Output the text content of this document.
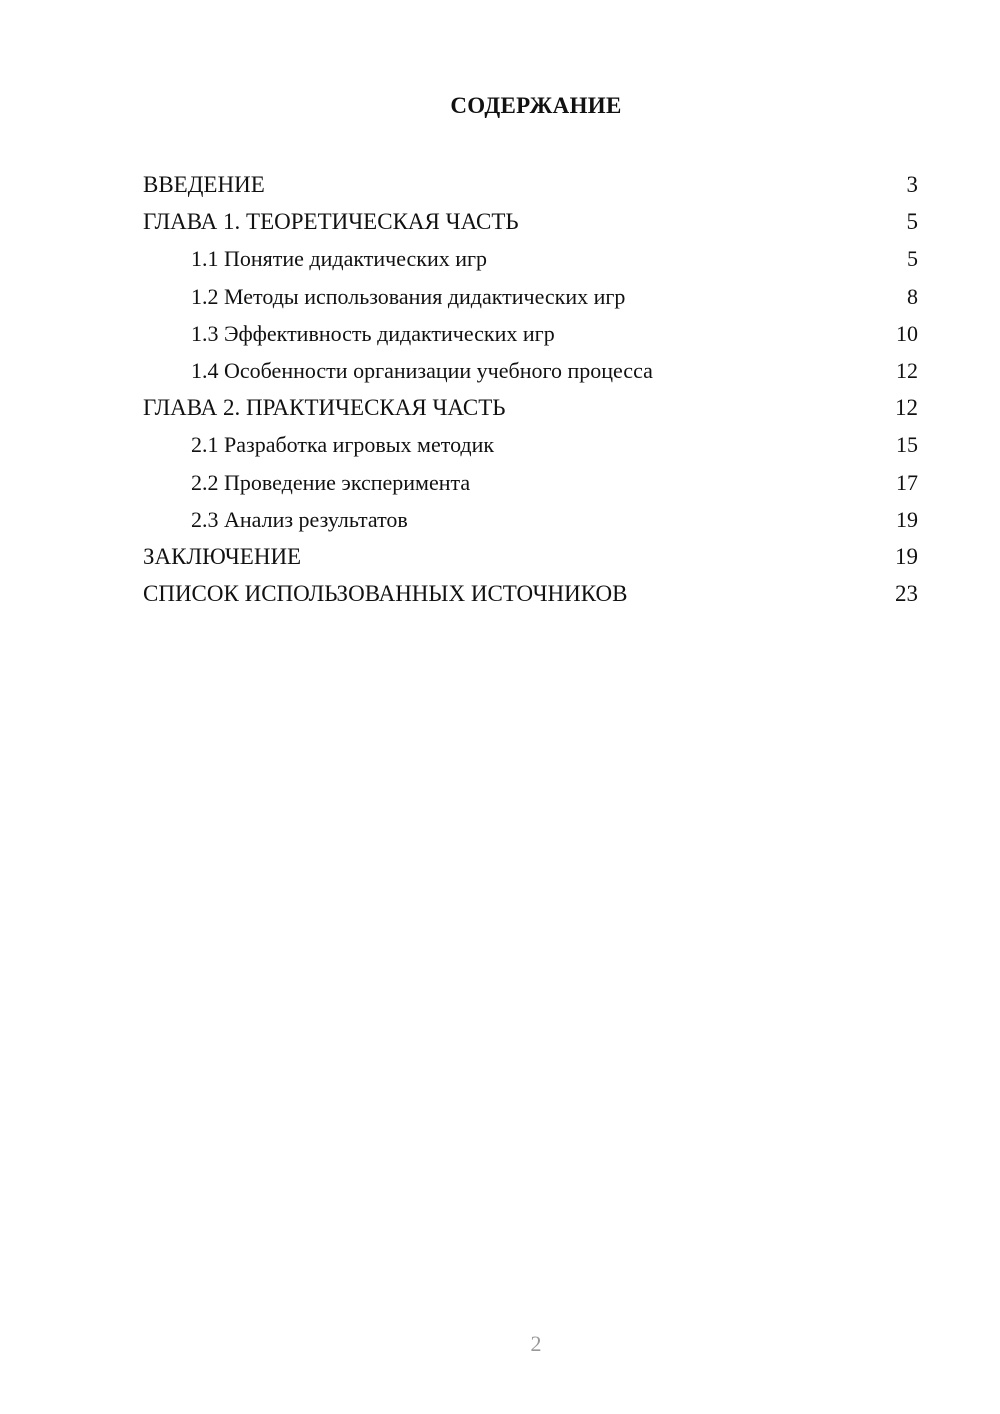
СОДЕРЖАНИЕ
ВВЕДЕНИЕ	3
ГЛАВА 1. ТЕОРЕТИЧЕСКАЯ ЧАСТЬ	5
1.1 Понятие дидактических игр	5
1.2 Методы использования дидактических игр	8
1.3 Эффективность дидактических игр	10
1.4 Особенности организации учебного процесса	12
ГЛАВА 2. ПРАКТИЧЕСКАЯ ЧАСТЬ	12
2.1 Разработка игровых методик	15
2.2 Проведение эксперимента	17
2.3 Анализ результатов	19
ЗАКЛЮЧЕНИЕ	19
СПИСОК ИСПОЛЬЗОВАННЫХ ИСТОЧНИКОВ	23
2
